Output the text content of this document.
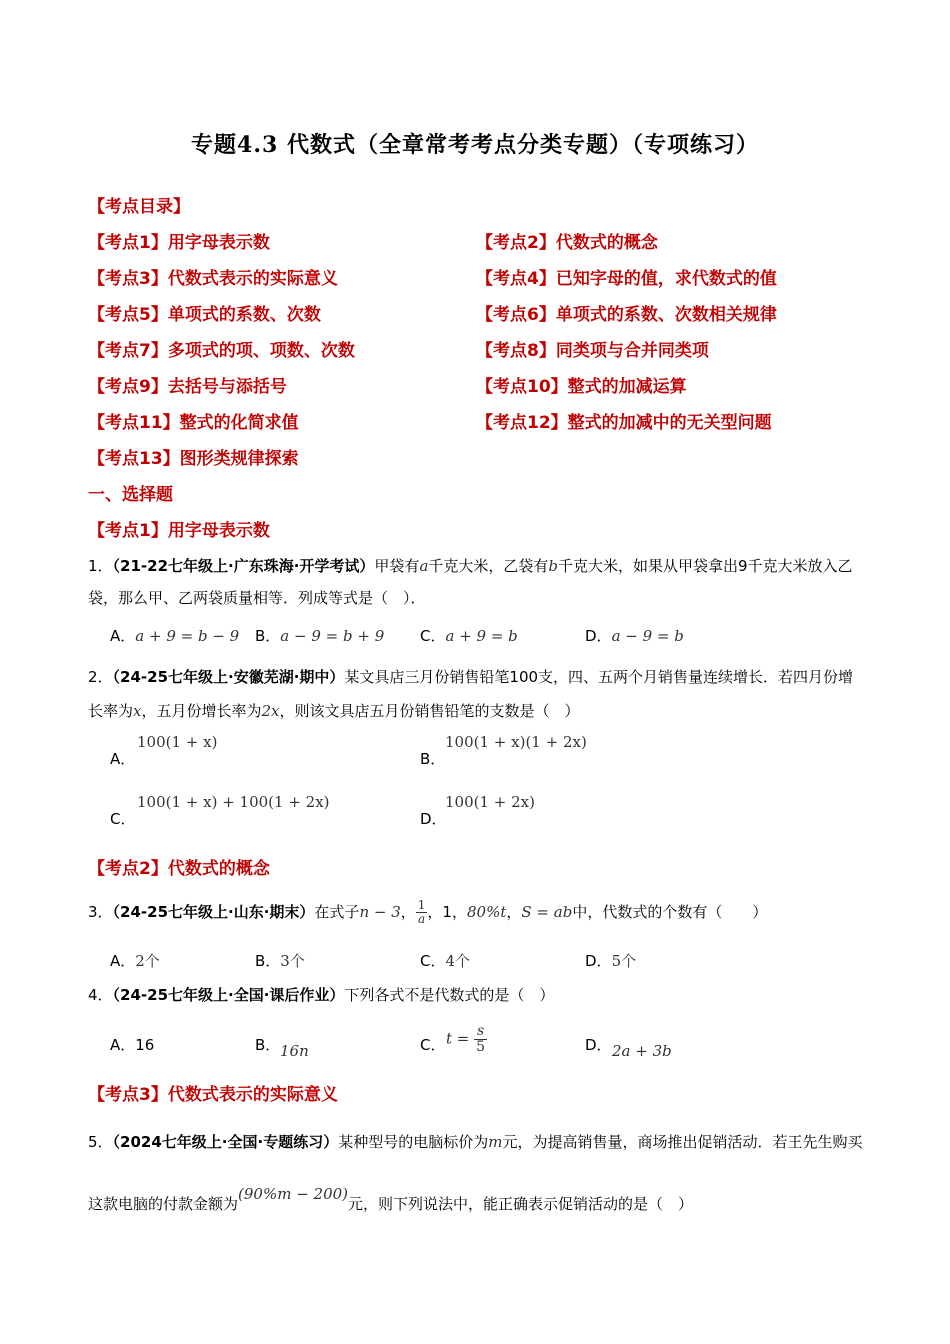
专题4.3 代数式（全章常考考点分类专题）（专项练习）
【考点目录】
【考点1】用字母表示数	【考点2】代数式的概念
【考点3】代数式表示的实际意义	【考点4】已知字母的值，求代数式的值
【考点5】单项式的系数、次数	【考点6】单项式的系数、次数相关规律
【考点7】多项式的项、项数、次数	【考点8】同类项与合并同类项
【考点9】去括号与添括号	【考点10】整式的加减运算
【考点11】整式的化简求值	【考点12】整式的加减中的无关型问题
【考点13】图形类规律探索
一、选择题
【考点1】用字母表示数
1．（21-22七年级上·广东珠海·开学考试）甲袋有a千克大米，乙袋有b千克大米，如果从甲袋拿出9千克大米放入乙袋，那么甲、乙两袋质量相等．列成等式是（　）．
A．a + 9 = b − 9 B．a − 9 = b + 9 C．a + 9 = b	D．a − 9 = b
2．（24-25七年级上·安徽芜湖·期中）某文具店三月份销售铅笔100支，四、五两个月销售量连续增长．若四月份增长率为x，五月份增长率为2x，则该文具店五月份销售铅笔的支数是（　）
A．
100(1 + x)
B．
100(1 + x)(1 + 2x)
C．
100(1 + x) + 100(1 + 2x)
D．
100(1 + 2x)
【考点2】代数式的概念
3．（24-25七年级上·山东·期末）在式子n − 3， $\frac{1}{a}$ ，1，80%t，S = ab中，代数式的个数有（　　）
A．2个	B．3个	C．4个	D．5个
4．（24-25七年级上·全国·课后作业）下列各式不是代数式的是（　）
A．16	B． 16n	C． $t = \frac{s}{5}$	D． 2a + 3b
【考点3】代数式表示的实际意义
5．（2024七年级上·全国·专题练习）某种型号的电脑标价为m元，为提高销售量，商场推出促销活动．若王先生购买这款电脑的付款金额为(90%m − 200)元，则下列说法中，能正确表示促销活动的是（　）
